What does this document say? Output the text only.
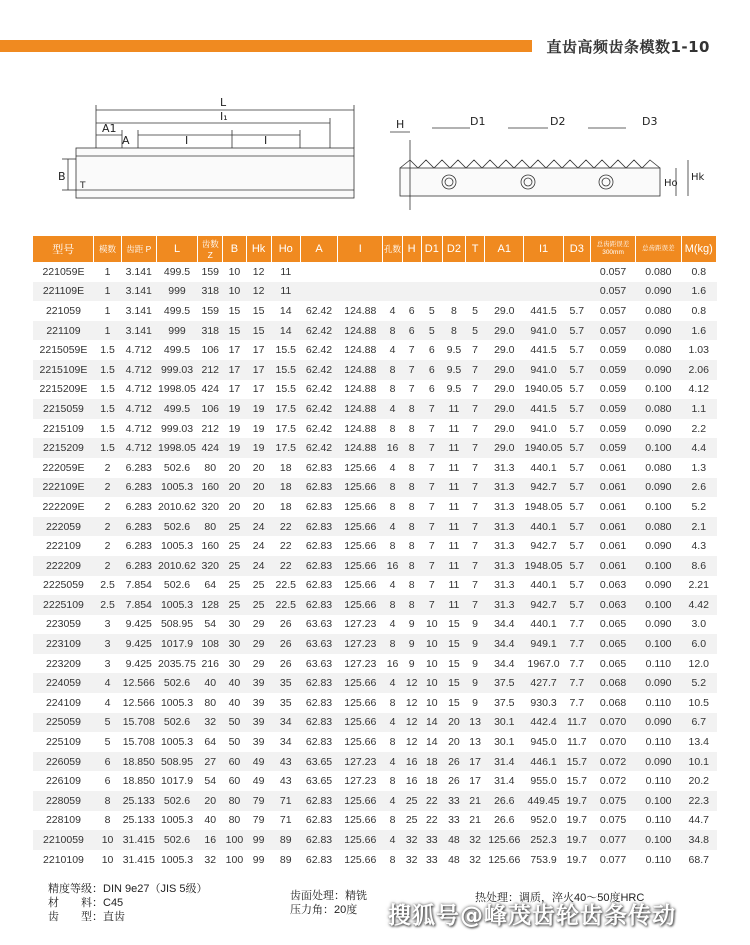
直齿高频齿条模数1-10
L
I₁
A1
A	I	I
B
T
H	D1	D2	D3
Ho
Hk
型号	模数	齿距 P	L	齿数 Z	B	Hk	Ho	A	I	孔数	H	D1	D2	T	A1	I1	D3	总齿距误差 300mm	总齿距误差	M(kg)
221059E	1	3.141	499.5	159	10	12	11											0.057	0.080	0.8
221109E	1	3.141	999	318	10	12	11											0.057	0.090	1.6
221059	1	3.141	499.5	159	15	15	14	62.42	124.88	4	6	5	8	5	29.0	441.5	5.7	0.057	0.080	0.8
221109	1	3.141	999	318	15	15	14	62.42	124.88	8	6	5	8	5	29.0	941.0	5.7	0.057	0.090	1.6
2215059E	1.5	4.712	499.5	106	17	17	15.5	62.42	124.88	4	7	6	9.5	7	29.0	441.5	5.7	0.059	0.080	1.03
2215109E	1.5	4.712	999.03	212	17	17	15.5	62.42	124.88	8	7	6	9.5	7	29.0	941.0	5.7	0.059	0.090	2.06
2215209E	1.5	4.712	1998.05	424	17	17	15.5	62.42	124.88	8	7	6	9.5	7	29.0	1940.05	5.7	0.059	0.100	4.12
2215059	1.5	4.712	499.5	106	19	19	17.5	62.42	124.88	4	8	7	11	7	29.0	441.5	5.7	0.059	0.080	1.1
2215109	1.5	4.712	999.03	212	19	19	17.5	62.42	124.88	8	8	7	11	7	29.0	941.0	5.7	0.059	0.090	2.2
2215209	1.5	4.712	1998.05	424	19	19	17.5	62.42	124.88	16	8	7	11	7	29.0	1940.05	5.7	0.059	0.100	4.4
222059E	2	6.283	502.6	80	20	20	18	62.83	125.66	4	8	7	11	7	31.3	440.1	5.7	0.061	0.080	1.3
222109E	2	6.283	1005.3	160	20	20	18	62.83	125.66	8	8	7	11	7	31.3	942.7	5.7	0.061	0.090	2.6
222209E	2	6.283	2010.62	320	20	20	18	62.83	125.66	8	8	7	11	7	31.3	1948.05	5.7	0.061	0.100	5.2
222059	2	6.283	502.6	80	25	24	22	62.83	125.66	4	8	7	11	7	31.3	440.1	5.7	0.061	0.080	2.1
222109	2	6.283	1005.3	160	25	24	22	62.83	125.66	8	8	7	11	7	31.3	942.7	5.7	0.061	0.090	4.3
222209	2	6.283	2010.62	320	25	24	22	62.83	125.66	16	8	7	11	7	31.3	1948.05	5.7	0.061	0.100	8.6
2225059	2.5	7.854	502.6	64	25	25	22.5	62.83	125.66	4	8	7	11	7	31.3	440.1	5.7	0.063	0.090	2.21
2225109	2.5	7.854	1005.3	128	25	25	22.5	62.83	125.66	8	8	7	11	7	31.3	942.7	5.7	0.063	0.100	4.42
223059	3	9.425	508.95	54	30	29	26	63.63	127.23	4	9	10	15	9	34.4	440.1	7.7	0.065	0.090	3.0
223109	3	9.425	1017.9	108	30	29	26	63.63	127.23	8	9	10	15	9	34.4	949.1	7.7	0.065	0.100	6.0
223209	3	9.425	2035.75	216	30	29	26	63.63	127.23	16	9	10	15	9	34.4	1967.0	7.7	0.065	0.110	12.0
224059	4	12.566	502.6	40	40	39	35	62.83	125.66	4	12	10	15	9	37.5	427.7	7.7	0.068	0.090	5.2
224109	4	12.566	1005.3	80	40	39	35	62.83	125.66	8	12	10	15	9	37.5	930.3	7.7	0.068	0.110	10.5
225059	5	15.708	502.6	32	50	39	34	62.83	125.66	4	12	14	20	13	30.1	442.4	11.7	0.070	0.090	6.7
225109	5	15.708	1005.3	64	50	39	34	62.83	125.66	8	12	14	20	13	30.1	945.0	11.7	0.070	0.110	13.4
226059	6	18.850	508.95	27	60	49	43	63.65	127.23	4	16	18	26	17	31.4	446.1	15.7	0.072	0.090	10.1
226109	6	18.850	1017.9	54	60	49	43	63.65	127.23	8	16	18	26	17	31.4	955.0	15.7	0.072	0.110	20.2
228059	8	25.133	502.6	20	80	79	71	62.83	125.66	4	25	22	33	21	26.6	449.45	19.7	0.075	0.100	22.3
228109	8	25.133	1005.3	40	80	79	71	62.83	125.66	8	25	22	33	21	26.6	952.0	19.7	0.075	0.110	44.7
2210059	10	31.415	502.6	16	100	99	89	62.83	125.66	4	32	33	48	32	125.66	252.3	19.7	0.077	0.100	34.8
2210109	10	31.415	1005.3	32	100	99	89	62.83	125.66	8	32	33	48	32	125.66	753.9	19.7	0.077	0.110	68.7
精度等级：DIN 9e27（JIS 5级）
材　　料：C45
齿　　型：直齿
齿面处理：精铣
压力角：20度
热处理：调质，淬火40～50度HRC
搜狐号@峰茂齿轮齿条传动
